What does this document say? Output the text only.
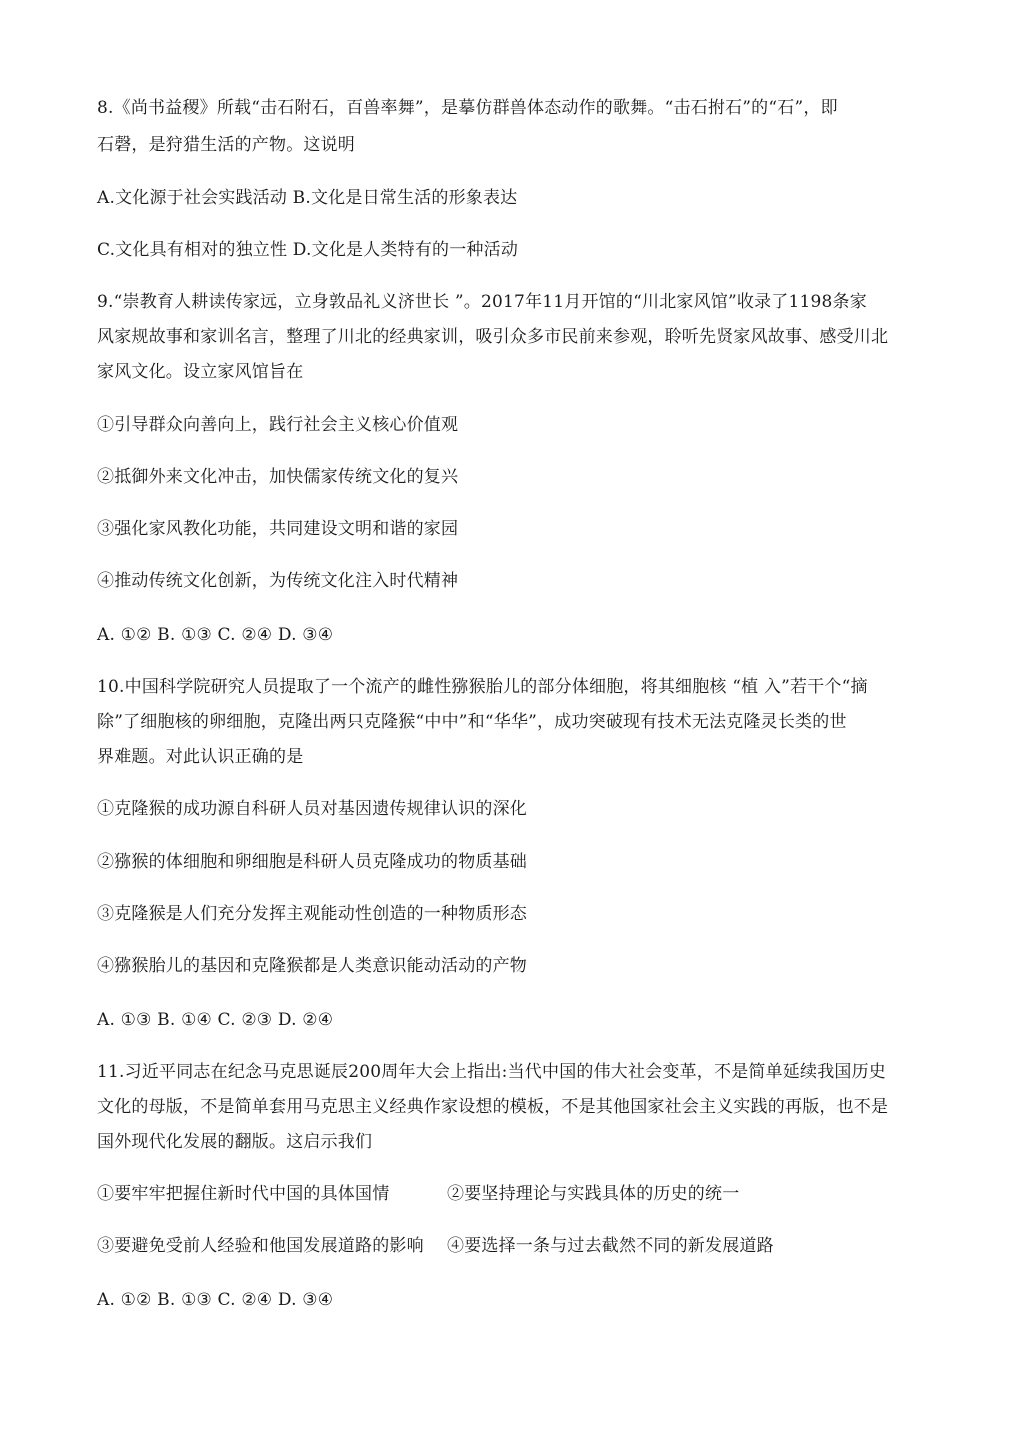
8.《尚书益稷》所载“击石附石，百兽率舞”，是摹仿群兽体态动作的歌舞。“击石拊石”的“石”，即
石磬，是狩猎生活的产物。这说明
A.文化源于社会实践活动 B.文化是日常生活的形象表达
C.文化具有相对的独立性 D.文化是人类特有的一种活动
9.“崇教育人耕读传家远，立身敦品礼义济世长 ”。2017年11月开馆的“川北家风馆”收录了1198条家
风家规故事和家训名言，整理了川北的经典家训，吸引众多市民前来参观，聆听先贤家风故事、感受川北
家风文化。设立家风馆旨在
①引导群众向善向上，践行社会主义核心价值观
②抵御外来文化冲击，加快儒家传统文化的复兴
③强化家风教化功能，共同建设文明和谐的家园
④推动传统文化创新，为传统文化注入时代精神
A. ①② B. ①③ C. ②④ D. ③④
10.中国科学院研究人员提取了一个流产的雌性猕猴胎儿的部分体细胞，将其细胞核 “植 入”若干个“摘
除”了细胞核的卵细胞，克隆出两只克隆猴“中中”和“华华”，成功突破现有技术无法克隆灵长类的世
界难题。对此认识正确的是
①克隆猴的成功源自科研人员对基因遗传规律认识的深化
②猕猴的体细胞和卵细胞是科研人员克隆成功的物质基础
③克隆猴是人们充分发挥主观能动性创造的一种物质形态
④猕猴胎儿的基因和克隆猴都是人类意识能动活动的产物
A. ①③ B. ①④ C. ②③ D. ②④
11.习近平同志在纪念马克思诞辰200周年大会上指出:当代中国的伟大社会变革，不是简单延续我国历史
文化的母版，不是简单套用马克思主义经典作家设想的模板，不是其他国家社会主义实践的再版，也不是
国外现代化发展的翻版。这启示我们
①要牢牢把握住新时代中国的具体国情	②要坚持理论与实践具体的历史的统一
③要避免受前人经验和他国发展道路的影响 ④要选择一条与过去截然不同的新发展道路
A. ①② B. ①③ C. ②④ D. ③④
